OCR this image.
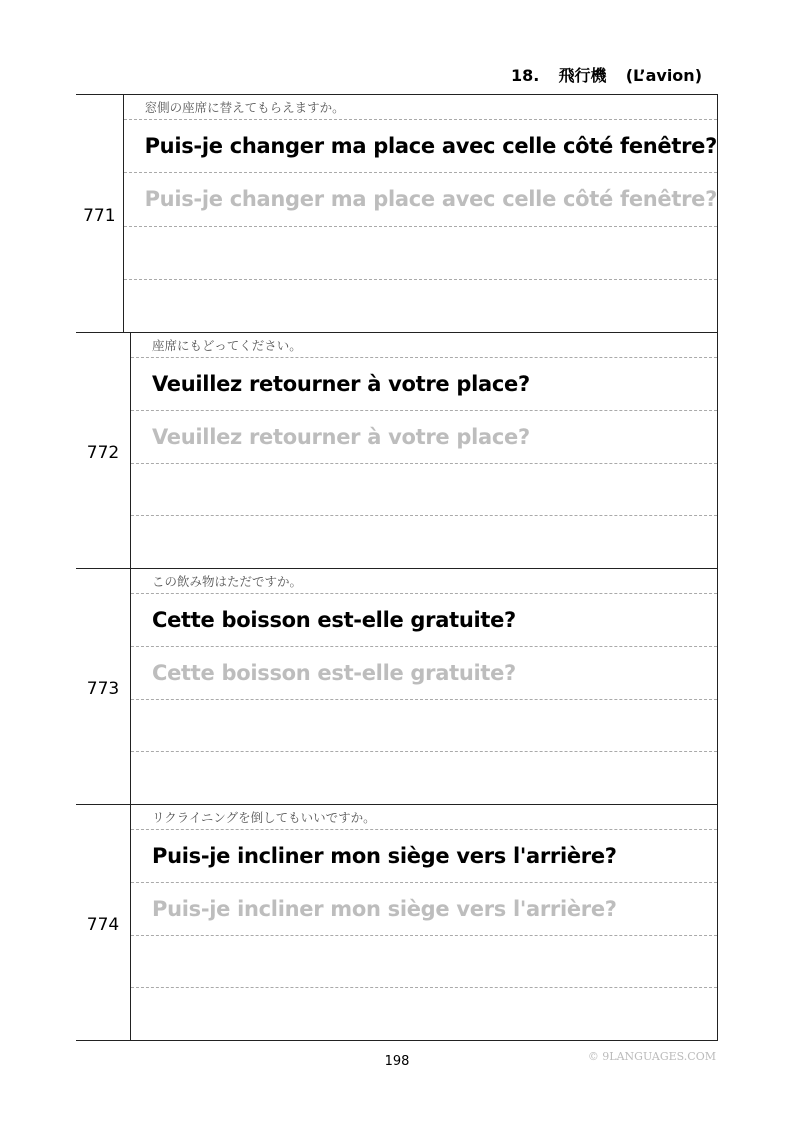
18. 飛行機 (L’avion)
771
窓側の座席に替えてもらえますか。
Puis-je changer ma place avec celle côté fenêtre?
Puis-je changer ma place avec celle côté fenêtre?
772
座席にもどってください。
Veuillez retourner à votre place?
Veuillez retourner à votre place?
773
この飲み物はただですか。
Cette boisson est-elle gratuite?
Cette boisson est-elle gratuite?
774
リクライニングを倒してもいいですか。
Puis-je incliner mon siège vers l'arrière?
Puis-je incliner mon siège vers l'arrière?
198	© 9LANGUAGES.COM
